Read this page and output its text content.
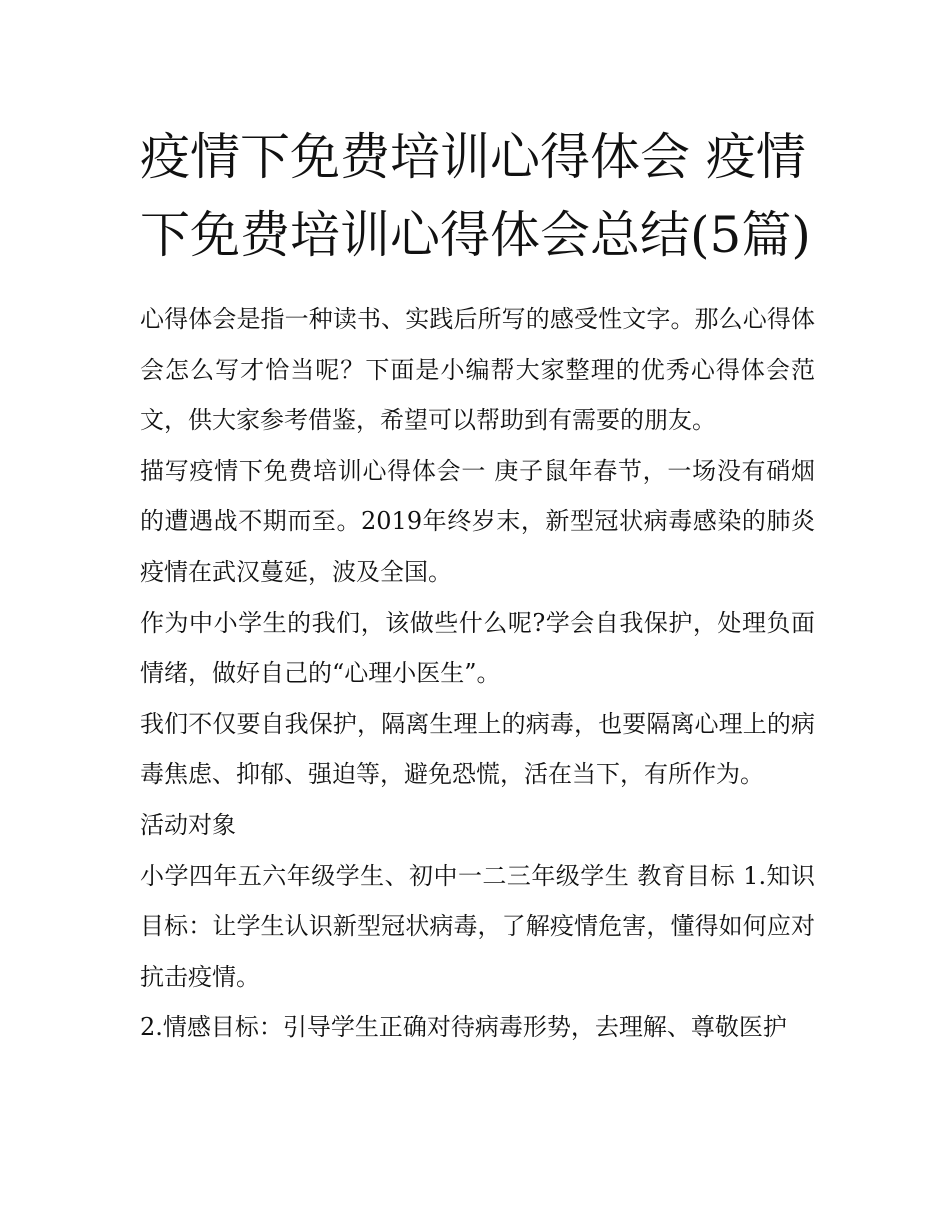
疫情下免费培训心得体会 疫情下免费培训心得体会总结(5篇)

心得体会是指一种读书、实践后所写的感受性文字。那么心得体会怎么写才恰当呢？下面是小编帮大家整理的优秀心得体会范文，供大家参考借鉴，希望可以帮助到有需要的朋友。

描写疫情下免费培训心得体会一 庚子鼠年春节，一场没有硝烟的遭遇战不期而至。2019年终岁末，新型冠状病毒感染的肺炎疫情在武汉蔓延，波及全国。

作为中小学生的我们，该做些什么呢?学会自我保护，处理负面情绪，做好自己的“心理小医生”。

我们不仅要自我保护，隔离生理上的病毒，也要隔离心理上的病毒焦虑、抑郁、强迫等，避免恐慌，活在当下，有所作为。

活动对象

小学四年五六年级学生、初中一二三年级学生 教育目标 1.知识目标：让学生认识新型冠状病毒，了解疫情危害，懂得如何应对抗击疫情。

2.情感目标：引导学生正确对待病毒形势，去理解、尊敬医护
